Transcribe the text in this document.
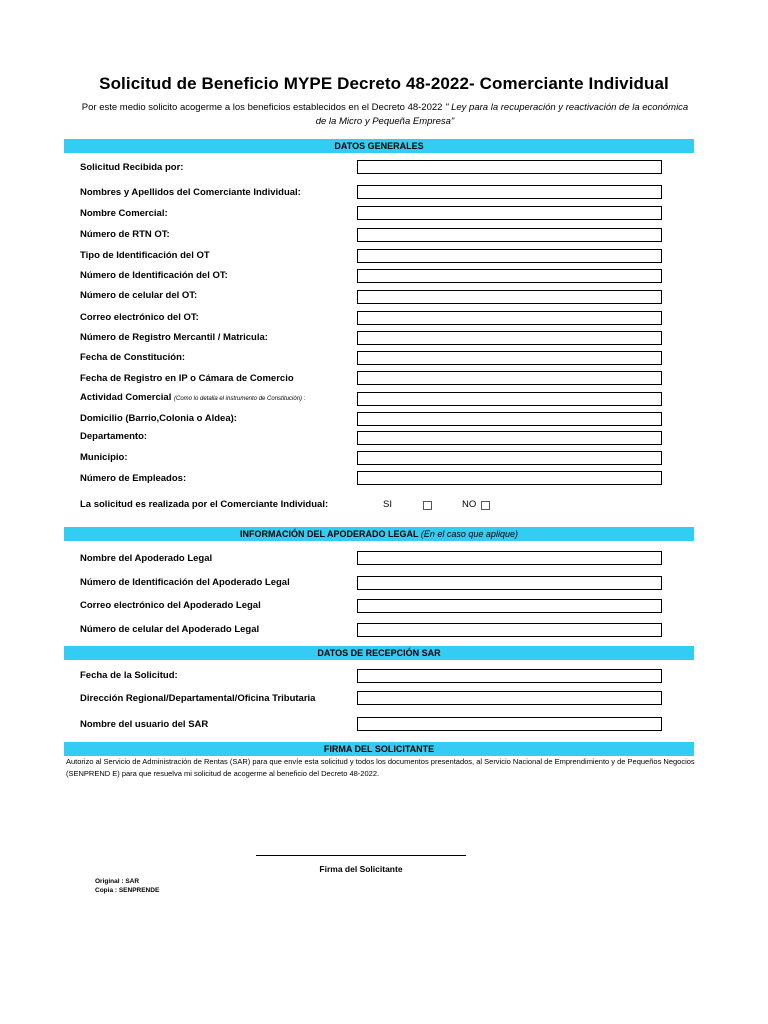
Solicitud de Beneficio MYPE Decreto 48-2022- Comerciante Individual
Por este medio solicito acogerme a los beneficios establecidos en el Decreto 48-2022 " Ley para la recuperación y reactivación de la económica de la Micro y Pequeña Empresa"
DATOS GENERALES
Solicitud Recibida por:
Nombres y Apellidos del Comerciante Individual:
Nombre Comercial:
Número de RTN OT:
Tipo de Identificación del OT
Número de Identificación del OT:
Número de celular del OT:
Correo electrónico del OT:
Número de Registro Mercantil / Matricula:
Fecha de Constitución:
Fecha de Registro en IP o Cámara de Comercio
Actividad Comercial (Como lo detalla el instrumento de Constitución) :
Domicilio (Barrio,Colonia o Aldea):
Departamento:
Municipio:
Número de Empleados:
La solicitud es realizada por el Comerciante Individual:	SI	NO
INFORMACIÓN DEL APODERADO LEGAL (En el caso que aplique)
Nombre del Apoderado Legal
Número de Identificación del Apoderado Legal
Correo electrónico del Apoderado Legal
Número de celular del Apoderado Legal
DATOS DE RECEPCIÓN SAR
Fecha de la Solicitud:
Dirección Regional/Departamental/Oficina Tributaria
Nombre del usuario del SAR
FIRMA DEL SOLICITANTE
Autorizo al Servicio de Administración de Rentas (SAR) para que envíe esta solicitud y todos los documentos presentados, al Servicio Nacional de Emprendimiento y de Pequeños Negocios (SENPREND E) para que resuelva mi solicitud de acogerme al beneficio del Decreto 48-2022.
Firma del Solicitante
Original : SAR
Copia : SENPRENDE
